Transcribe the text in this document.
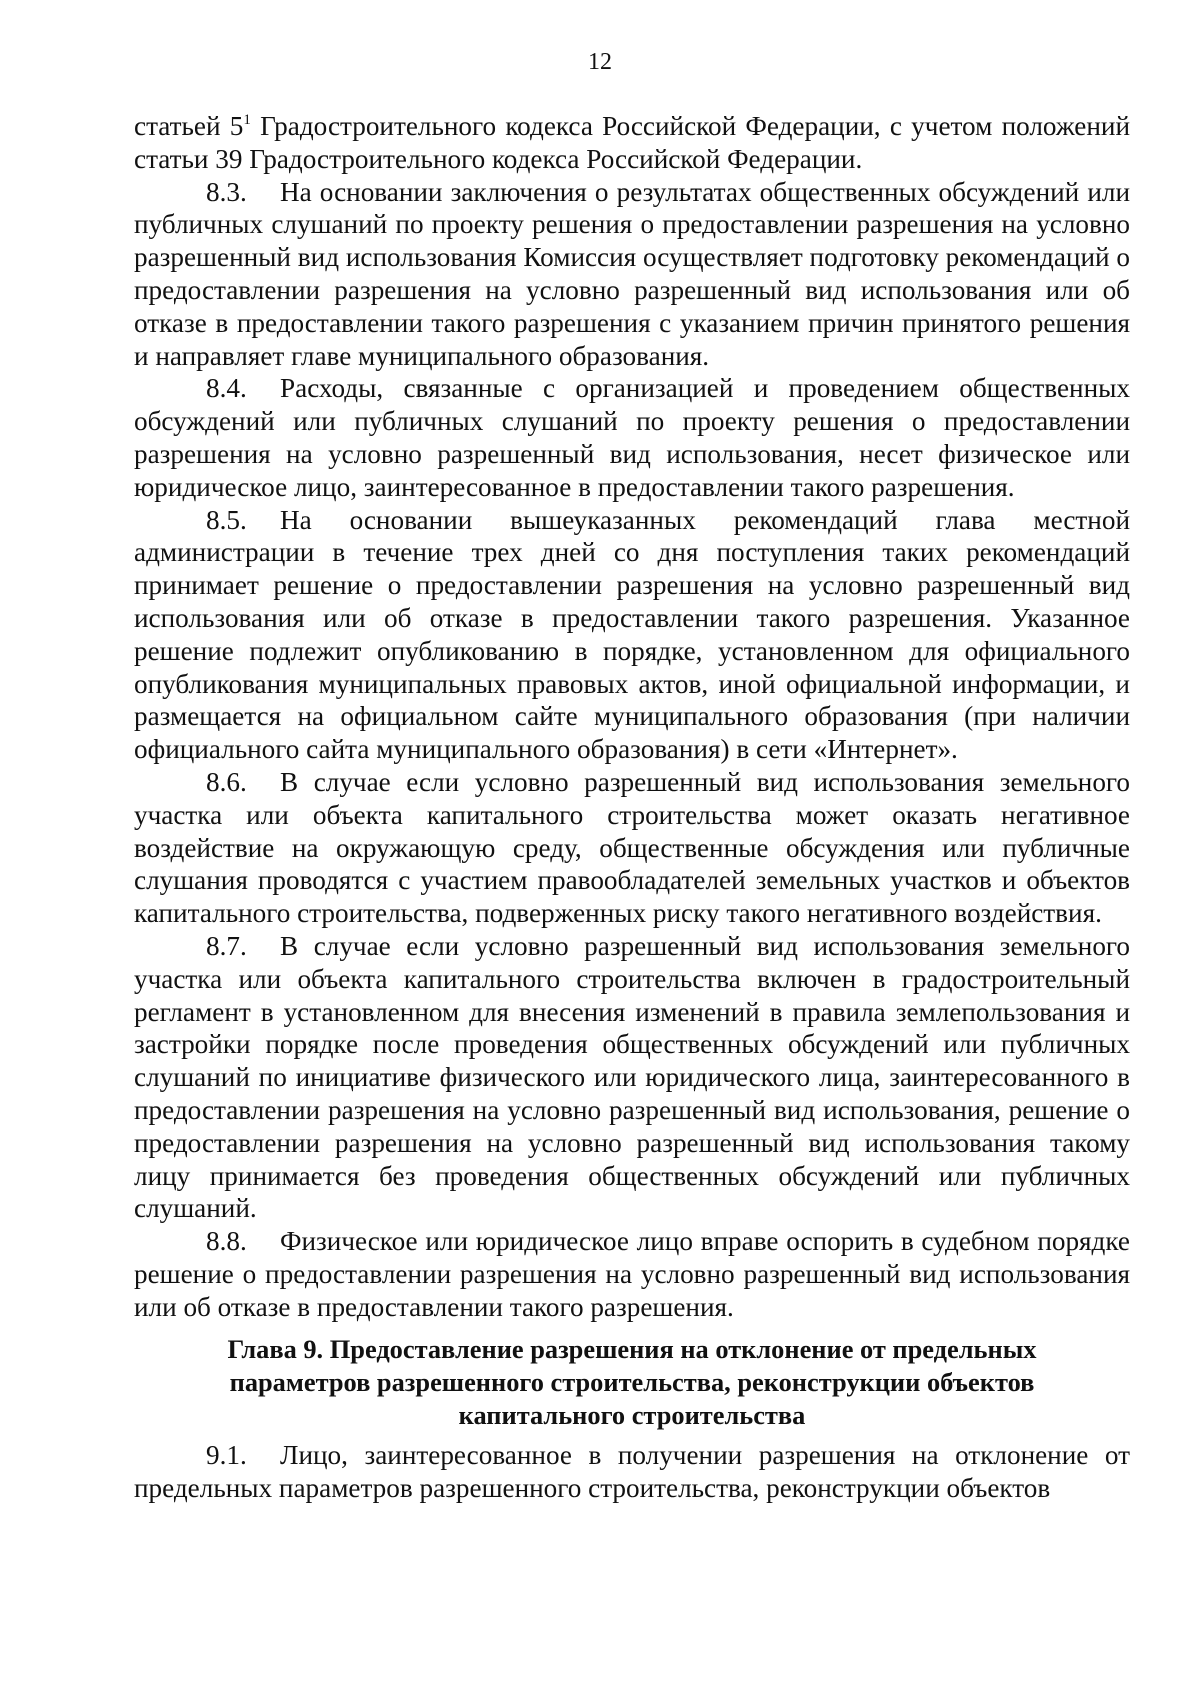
12

статьей $5^1$ Градостроительного кодекса Российской Федерации, с учетом положений статьи 39 Градостроительного кодекса Российской Федерации.

8.3. На основании заключения о результатах общественных обсуждений или публичных слушаний по проекту решения о предоставлении разрешения на условно разрешенный вид использования Комиссия осуществляет подготовку рекомендаций о предоставлении разрешения на условно разрешенный вид использования или об отказе в предоставлении такого разрешения с указанием причин принятого решения и направляет главе муниципального образования.

8.4. Расходы, связанные с организацией и проведением общественных обсуждений или публичных слушаний по проекту решения о предоставлении разрешения на условно разрешенный вид использования, несет физическое или юридическое лицо, заинтересованное в предоставлении такого разрешения.

8.5. На основании вышеуказанных рекомендаций глава местной администрации в течение трех дней со дня поступления таких рекомендаций принимает решение о предоставлении разрешения на условно разрешенный вид использования или об отказе в предоставлении такого разрешения. Указанное решение подлежит опубликованию в порядке, установленном для официального опубликования муниципальных правовых актов, иной официальной информации, и размещается на официальном сайте муниципального образования (при наличии официального сайта муниципального образования) в сети «Интернет».

8.6. В случае если условно разрешенный вид использования земельного участка или объекта капитального строительства может оказать негативное воздействие на окружающую среду, общественные обсуждения или публичные слушания проводятся с участием правообладателей земельных участков и объектов капитального строительства, подверженных риску такого негативного воздействия.

8.7. В случае если условно разрешенный вид использования земельного участка или объекта капитального строительства включен в градостроительный регламент в установленном для внесения изменений в правила землепользования и застройки порядке после проведения общественных обсуждений или публичных слушаний по инициативе физического или юридического лица, заинтересованного в предоставлении разрешения на условно разрешенный вид использования, решение о предоставлении разрешения на условно разрешенный вид использования такому лицу принимается без проведения общественных обсуждений или публичных слушаний.

8.8. Физическое или юридическое лицо вправе оспорить в судебном порядке решение о предоставлении разрешения на условно разрешенный вид использования или об отказе в предоставлении такого разрешения.

Глава 9. Предоставление разрешения на отклонение от предельных параметров разрешенного строительства, реконструкции объектов капитального строительства

9.1. Лицо, заинтересованное в получении разрешения на отклонение от предельных параметров разрешенного строительства, реконструкции объектов
